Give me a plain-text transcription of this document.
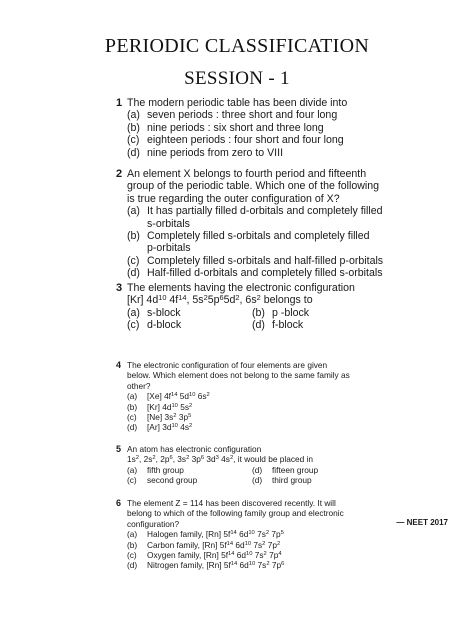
PERIODIC CLASSIFICATION
SESSION - 1
1 The modern periodic table has been divide into

(a) seven periods : three short and four long
(b) nine periods : six short and three long
(c) eighteen periods : four short and four long
(d) nine periods from zero to VIII
2 An element X belongs to fourth period and fifteenth

group of the periodic table. Which one of the following

is true regarding the outer configuration of X?

(a) It has partially filled d-orbitals and completely filled
s-orbitals
(b) Completely filled s-orbitals and completely filled
p-orbitals
(c) Completely filled s-orbitals and half-filled p-orbitals
(d) Half-filled d-orbitals and completely filled s-orbitals
3 The elements having the electronic configuration

[Kr] $4d^{10}$ $4f^{14}$, $5s^25p^65d^2$, $6s^2$ belongs to

(a) s-block	(b) p -block
(c) d-block	(d) f-block
4 The electronic configuration of four elements are given

below. Which element does not belong to the same family as

other?

(a)	[Xe] $4f^{14}$ $5d^{10}$ $6s^2$
(b)	[Kr] $4d^{10}$ $5s^2$
(c)	[Ne] $3s^2$ $3p^5$
(d)	[Ar] $3d^{10}$ $4s^2$
5 An atom has electronic configuration

$1s^2$, $2s^2$, $2p^6$, $3s^2$ $3p^6$ $3d^3$ $4s^2$, it would be placed in

(a)	fifth group	(d)	fifteen group
(c)	second group	(d)	third group
6 The element Z = 114 has been discovered recently. It will

belong to which of the following family group and electronic

configuration?	— NEET 2017
(a)	Halogen family, [Rn] $5f^{14}$ $6d^{10}$ $7s^2$ $7p^5$
(b)	Carbon family, [Rn] $5f^{14}$ $6d^{10}$ $7s^2$ $7p^2$
(c)	Oxygen family, [Rn] $5f^{14}$ $6d^{10}$ $7s^2$ $7p^4$
(d)	Nitrogen family, [Rn] $5f^{14}$ $6d^{10}$ $7s^2$ $7p^6$
